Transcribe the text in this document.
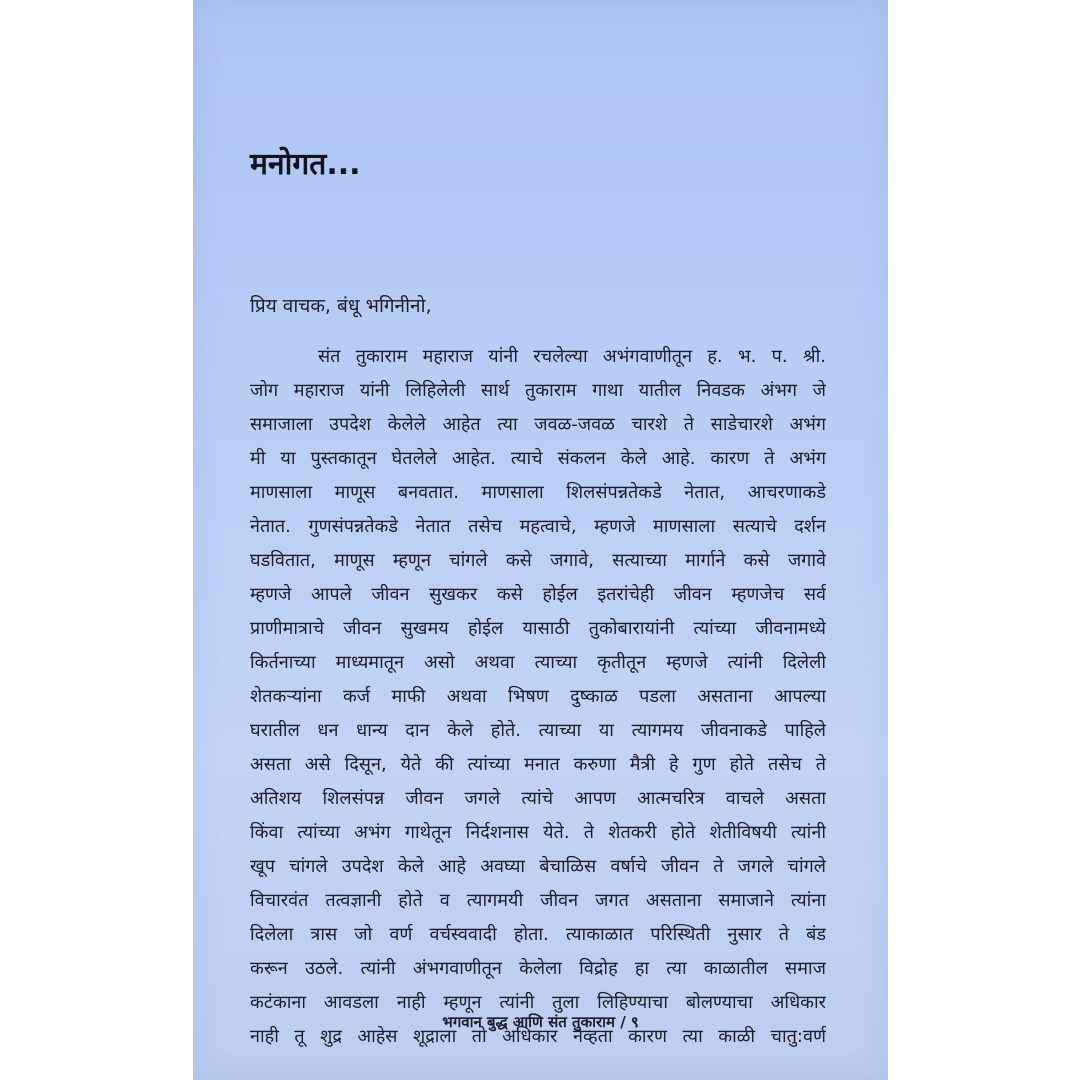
मनोगत...
प्रिय वाचक, बंधू भगिनीनो,
संत तुकाराम महाराज यांनी रचलेल्या अभंगवाणीतून ह. भ. प. श्री.
जोग महाराज यांनी लिहिलेली सार्थ तुकाराम गाथा यातील निवडक अंभग जे
समाजाला उपदेश केलेले आहेत त्या जवळ-जवळ चारशे ते साडेचारशे अभंग
मी या पुस्तकातून घेतलेले आहेत. त्याचे संकलन केले आहे. कारण ते अभंग
माणसाला माणूस बनवतात. माणसाला शिलसंपन्नतेकडे नेतात, आचरणाकडे
नेतात. गुणसंपन्नतेकडे नेतात तसेच महत्वाचे, म्हणजे माणसाला सत्याचे दर्शन
घडवितात, माणूस म्हणून चांगले कसे जगावे, सत्याच्या मार्गाने कसे जगावे
म्हणजे आपले जीवन सुखकर कसे होईल इतरांचेही जीवन म्हणजेच सर्व
प्राणीमात्राचे जीवन सुखमय होईल यासाठी तुकोबारायांनी त्यांच्या जीवनामध्ये
किर्तनाच्या माध्यमातून असो अथवा त्याच्या कृतीतून म्हणजे त्यांनी दिलेली
शेतकऱ्यांना कर्ज माफी अथवा भिषण दुष्काळ पडला असताना आपल्या
घरातील धन धान्य दान केले होते. त्याच्या या त्यागमय जीवनाकडे पाहिले
असता असे दिसून, येते की त्यांच्या मनात करुणा मैत्री हे गुण होते तसेच ते
अतिशय शिलसंपन्न जीवन जगले त्यांचे आपण आत्मचरित्र वाचले असता
किंवा त्यांच्या अभंग गाथेतून निर्दशनास येते. ते शेतकरी होते शेतीविषयी त्यांनी
खूप चांगले उपदेश केले आहे अवघ्या बेचाळिस वर्षाचे जीवन ते जगले चांगले
विचारवंत तत्वज्ञानी होते व त्यागमयी जीवन जगत असताना समाजाने त्यांना
दिलेला त्रास जो वर्ण वर्चस्ववादी होता. त्याकाळात परिस्थिती नुसार ते बंड
करून उठले. त्यांनी अंभगवाणीतून केलेला विद्रोह हा त्या काळातील समाज
कटंकाना आवडला नाही म्हणून त्यांनी तुला लिहिण्याचा बोलण्याचा अधिकार
नाही तू शुद्र आहेस शूद्राला तो अधिकार नव्हता कारण त्या काळी चातु:वर्ण
भगवान बुद्ध आणि संत तुकाराम / ९
